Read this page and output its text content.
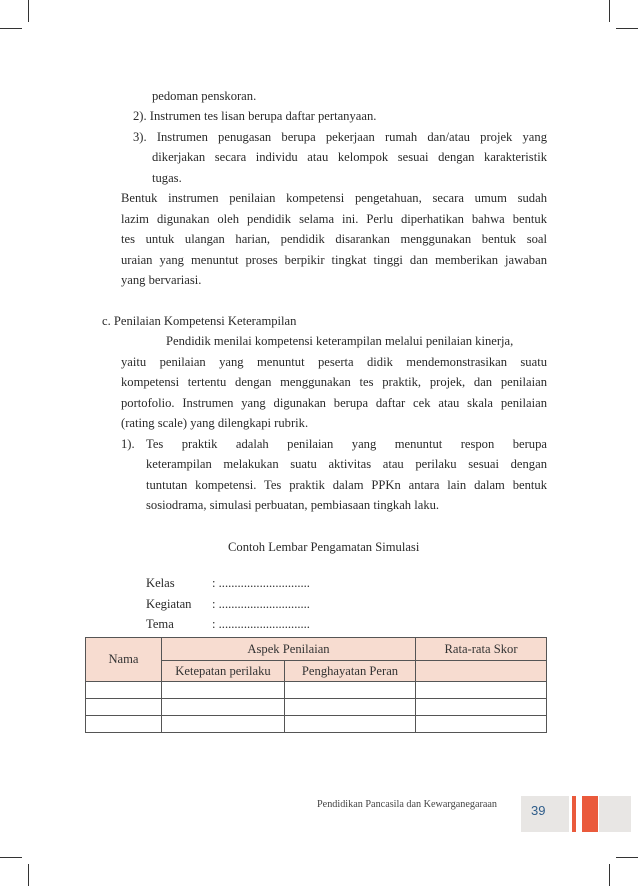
pedoman penskoran.
2). Instrumen tes lisan berupa daftar pertanyaan.
3). Instrumen penugasan berupa pekerjaan rumah dan/atau projek yang
dikerjakan secara individu atau kelompok sesuai dengan karakteristik
tugas.
Bentuk instrumen penilaian kompetensi pengetahuan, secara umum sudah
lazim digunakan oleh pendidik selama ini. Perlu diperhatikan bahwa bentuk
tes untuk ulangan harian, pendidik disarankan menggunakan bentuk soal
uraian yang menuntut proses berpikir tingkat tinggi dan memberikan jawaban
yang bervariasi.
c. Penilaian Kompetensi Keterampilan
Pendidik menilai kompetensi keterampilan melalui penilaian kinerja,
yaitu penilaian yang menuntut peserta didik mendemonstrasikan suatu
kompetensi tertentu dengan menggunakan tes praktik, projek, dan penilaian
portofolio. Instrumen yang digunakan berupa daftar cek atau skala penilaian
(rating scale) yang dilengkapi rubrik.
1). Tes praktik adalah penilaian yang menuntut respon berupa
keterampilan melakukan suatu aktivitas atau perilaku sesuai dengan
tuntutan kompetensi. Tes praktik dalam PPKn antara lain dalam bentuk
sosiodrama, simulasi perbuatan, pembiasaan tingkah laku.
Contoh Lembar Pengamatan Simulasi
Kelas	: .............................
Kegiatan : .............................
Tema	: .............................
Nama	Aspek Penilaian		Rata-rata Skor
	Ketepatan perilaku	Penghayatan Peran	

Pendidikan Pancasila dan Kewarganegaraan	39
